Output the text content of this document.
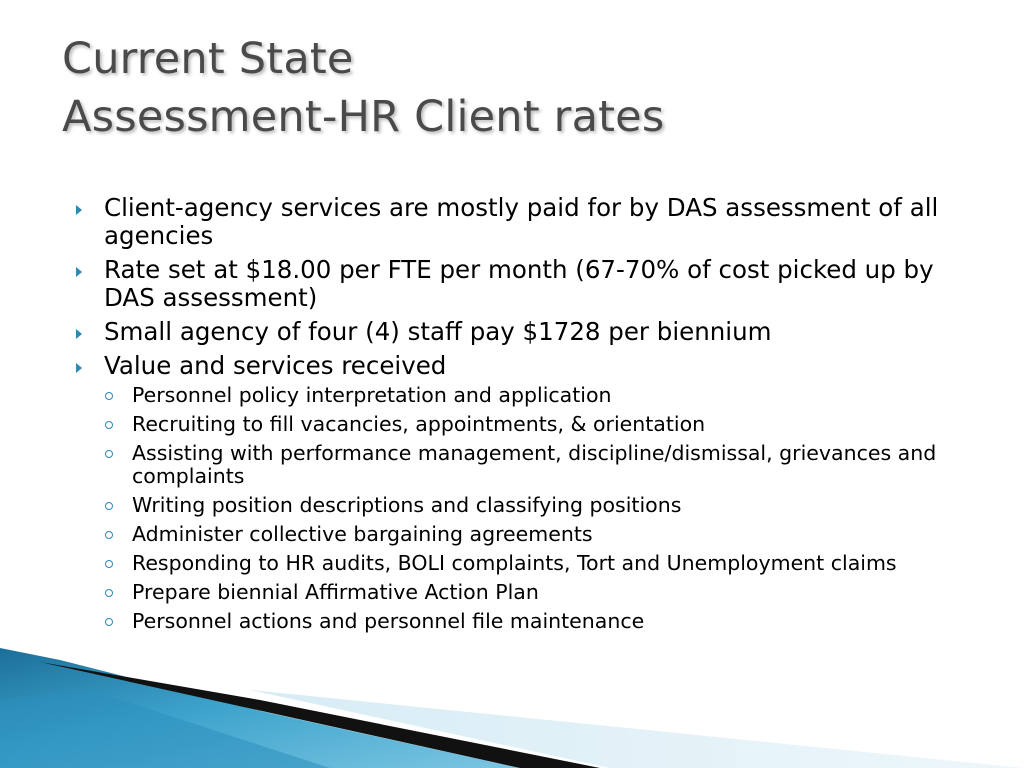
Current State
Assessment-HR Client rates
Client-agency services are mostly paid for by DAS assessment of all agencies
Rate set at $18.00 per FTE per month (67-70% of cost picked up by DAS assessment)
Small agency of four (4) staff pay $1728 per biennium
Value and services received
Personnel policy interpretation and application
Recruiting to fill vacancies, appointments, & orientation
Assisting with performance management, discipline/dismissal, grievances and complaints
Writing position descriptions and classifying positions
Administer collective bargaining agreements
Responding to HR audits, BOLI complaints, Tort and Unemployment claims
Prepare biennial Affirmative Action Plan
Personnel actions and personnel file maintenance
